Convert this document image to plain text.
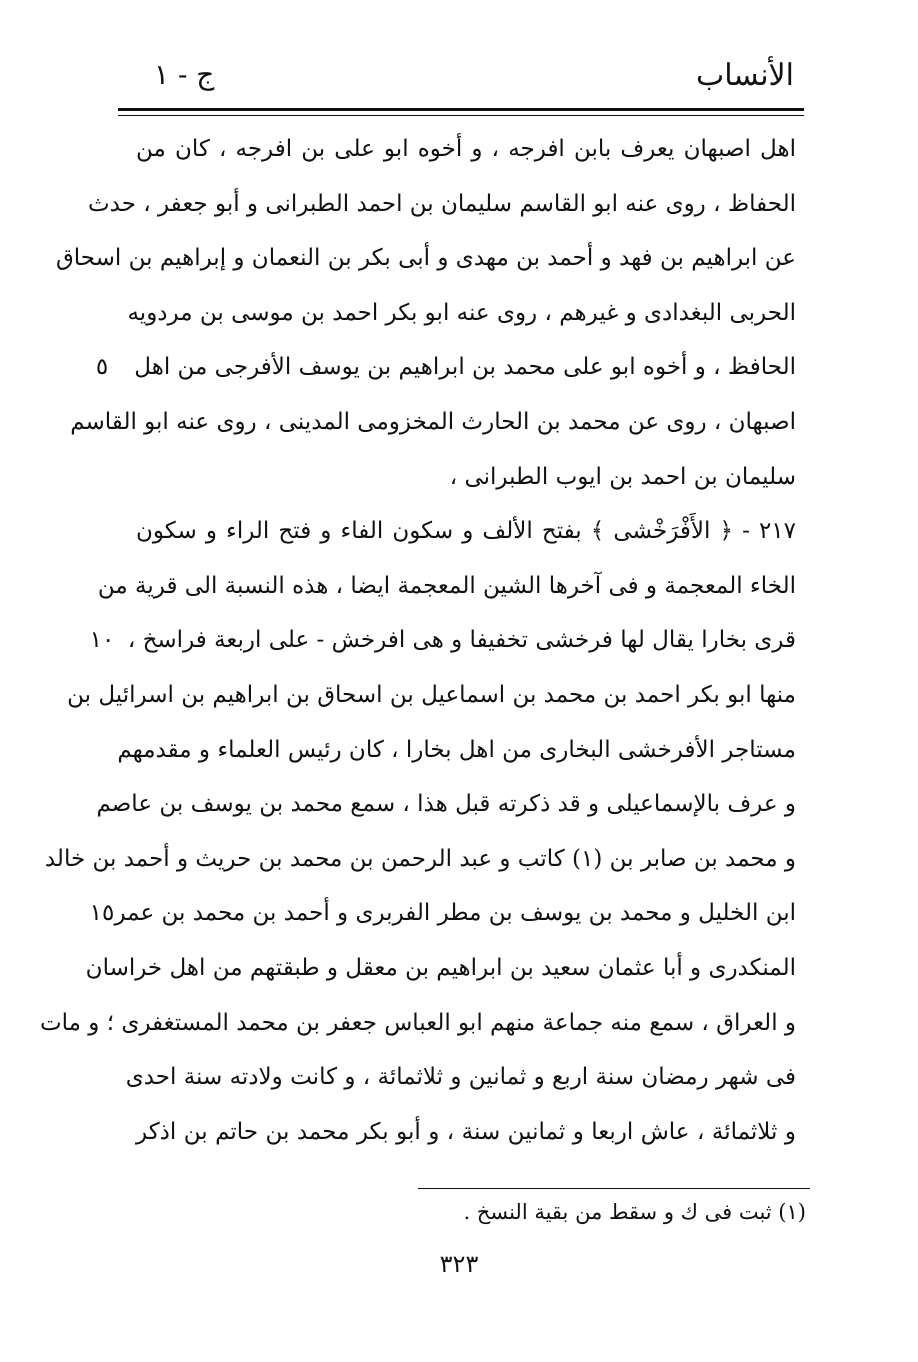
الأنساب
ج - ١
اهل اصبهان يعرف بابن افرجه ، و أخوه ابو على بن افرجه ، كان من
الحفاظ ، روى عنه ابو القاسم سليمان بن احمد الطبرانى و أبو جعفر ، حدث
عن ابراهيم بن فهد و أحمد بن مهدى و أبى بكر بن النعمان و إبراهيم بن اسحاق
الحربى البغدادى و غيرهم ، روى عنه ابو بكر احمد بن موسى بن مردويه
الحافظ ، و أخوه ابو على محمد بن ابراهيم بن يوسف الأفرجى من اهل
٥
اصبهان ، روى عن محمد بن الحارث المخزومى المدينى ، روى عنه ابو القاسم
سليمان بن احمد بن ايوب الطبرانى ،
٢١٧ - ﴿ الأَفْرَخْشى ﴾ بفتح الألف و سكون الفاء و فتح الراء و سكون
الخاء المعجمة و فى آخرها الشين المعجمة ايضا ، هذه النسبة الى قرية من
قرى بخارا يقال لها فرخشى تخفيفا و هى افرخش - على اربعة فراسخ ،
١٠
منها ابو بكر احمد بن محمد بن اسماعيل بن اسحاق بن ابراهيم بن اسرائيل بن
مستاجر الأفرخشى البخارى من اهل بخارا ، كان رئيس العلماء و مقدمهم
و عرف بالإسماعيلى و قد ذكرته قبل هذا ، سمع محمد بن يوسف بن عاصم
و محمد بن صابر بن (١) كاتب و عبد الرحمن بن محمد بن حريث و أحمد بن خالد
ابن الخليل و محمد بن يوسف بن مطر الفربرى و أحمد بن محمد بن عمر
١٥
المنكدرى و أبا عثمان سعيد بن ابراهيم بن معقل و طبقتهم من اهل خراسان
و العراق ، سمع منه جماعة منهم ابو العباس جعفر بن محمد المستغفرى ؛ و مات
فى شهر رمضان سنة اربع و ثمانين و ثلاثمائة ، و كانت ولادته سنة احدى
و ثلاثمائة ، عاش اربعا و ثمانين سنة ، و أبو بكر محمد بن حاتم بن اذكر
(١) ثبت فى ك و سقط من بقية النسخ .
٣٢٣
